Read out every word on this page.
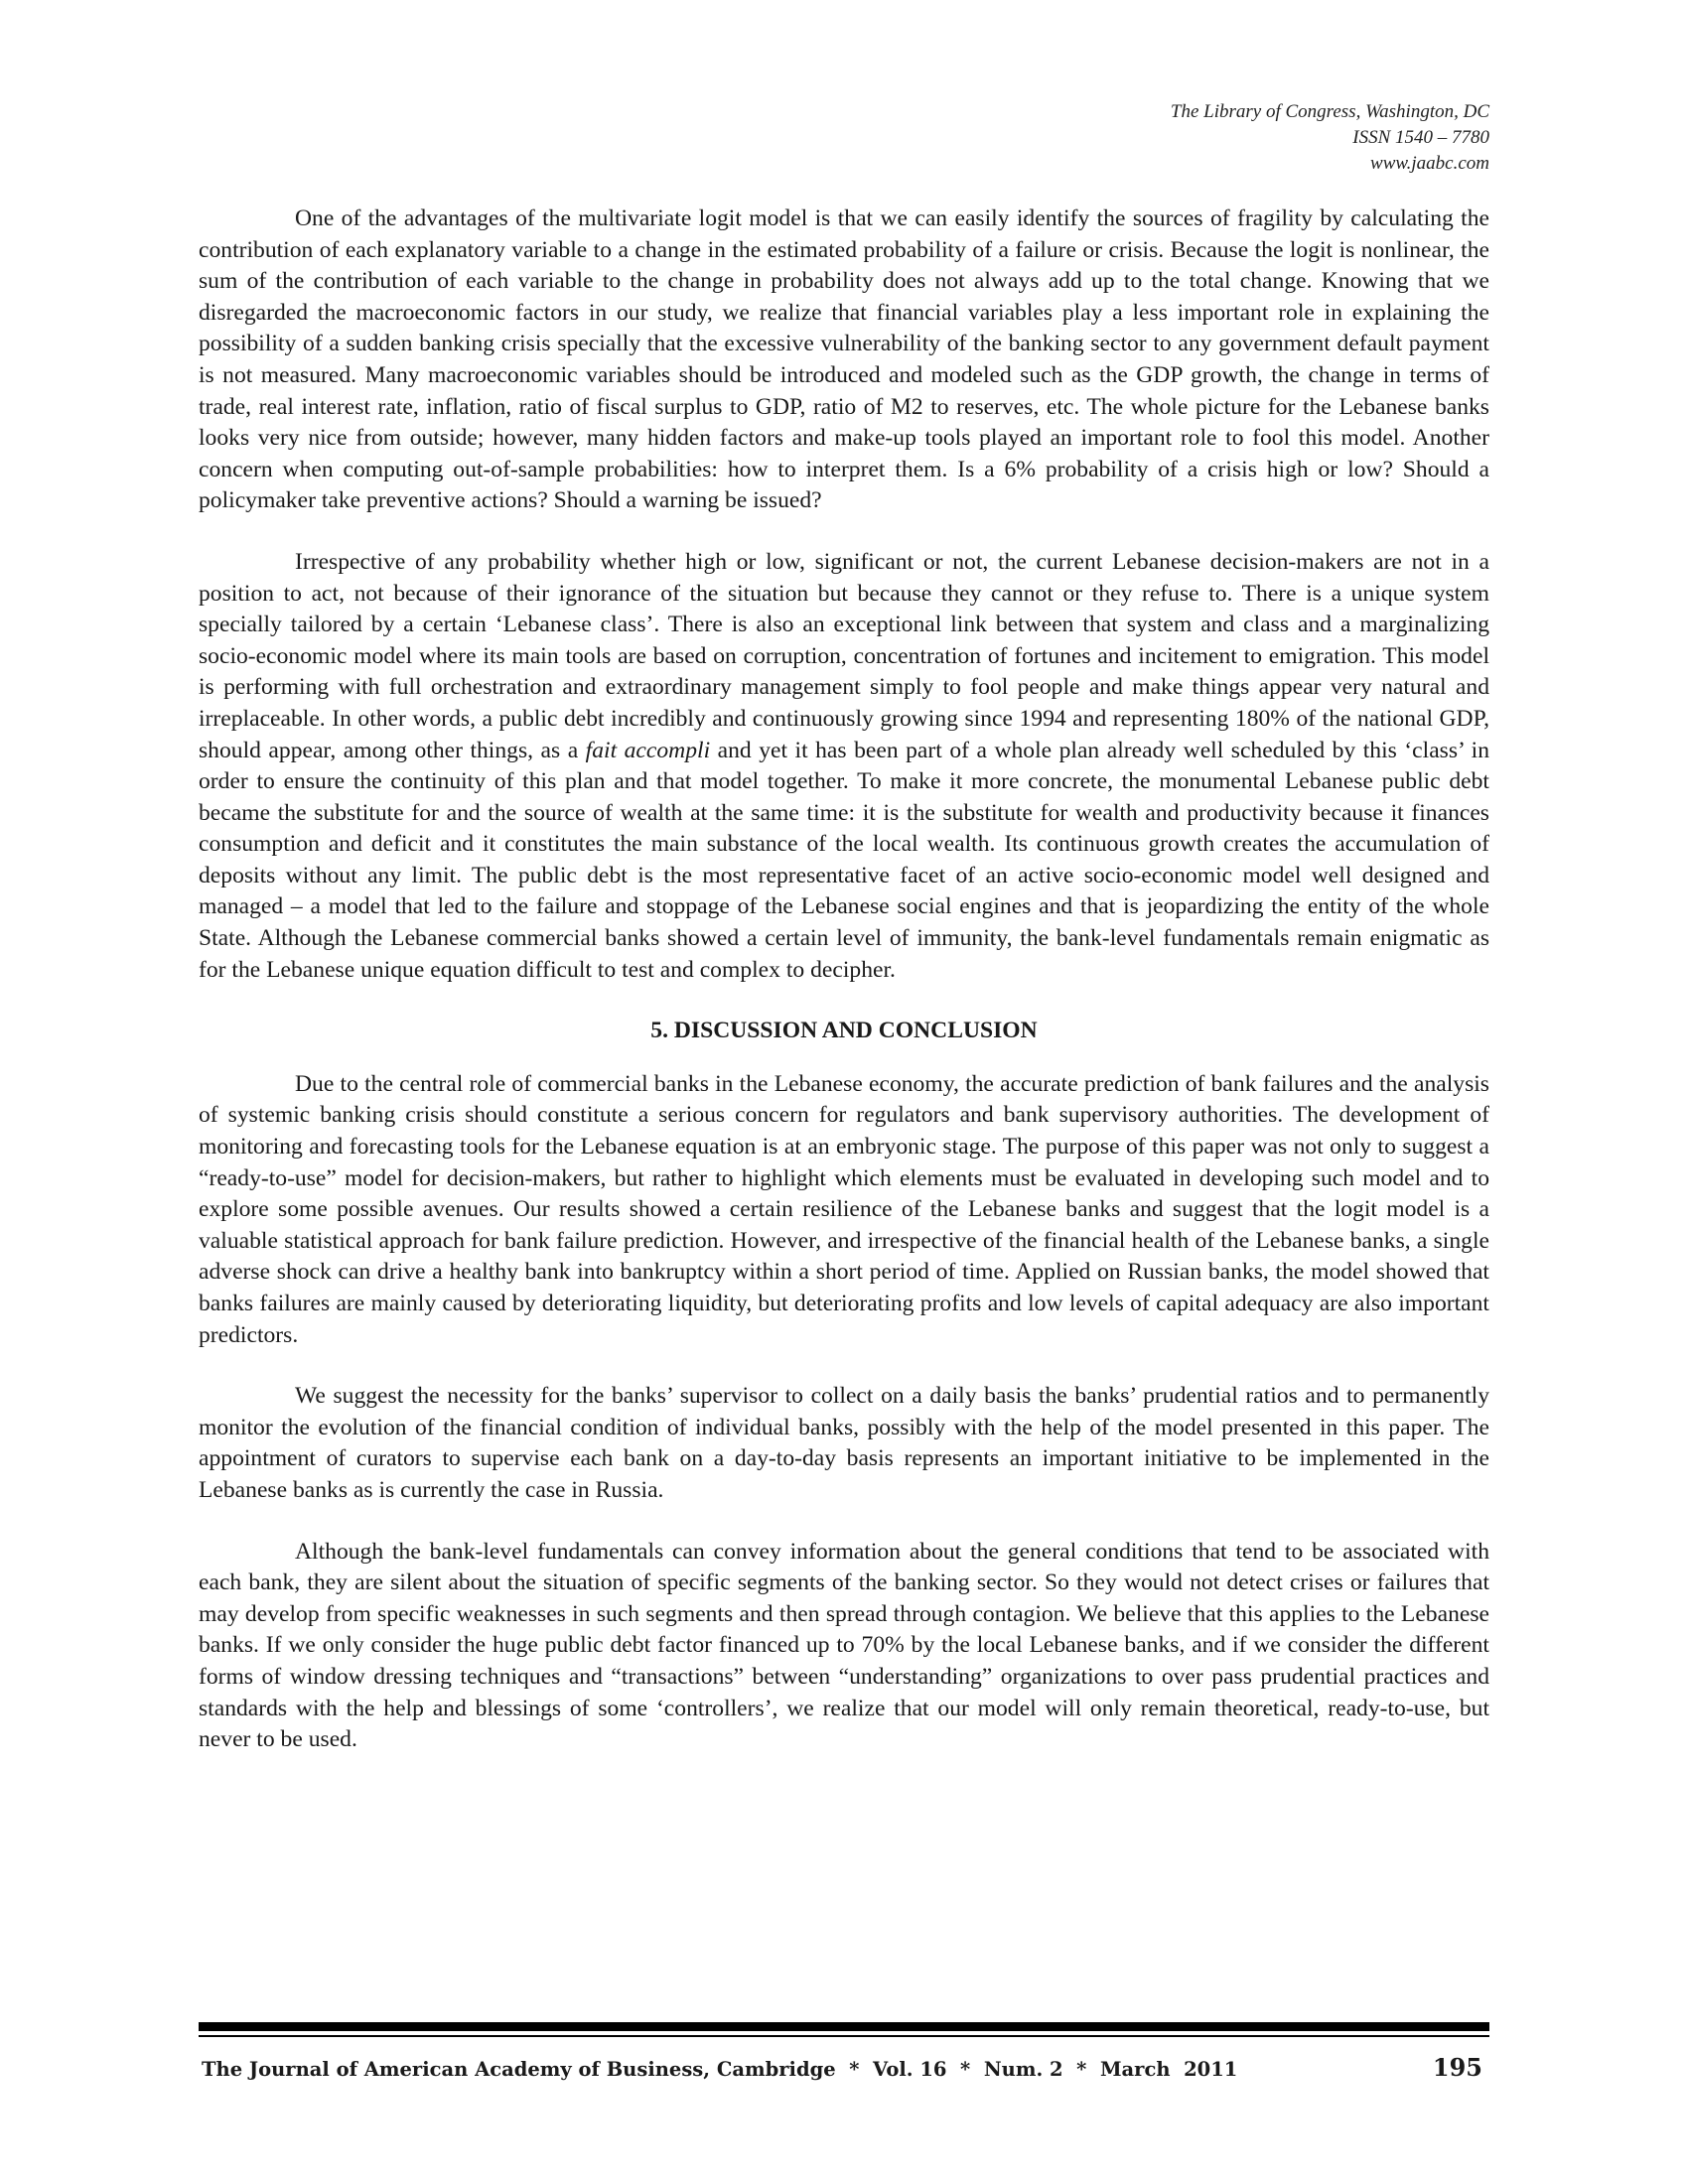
The Library of Congress, Washington, DC
ISSN 1540 – 7780
www.jaabc.com

One of the advantages of the multivariate logit model is that we can easily identify the sources of fragility by calculating the contribution of each explanatory variable to a change in the estimated probability of a failure or crisis. Because the logit is nonlinear, the sum of the contribution of each variable to the change in probability does not always add up to the total change. Knowing that we disregarded the macroeconomic factors in our study, we realize that financial variables play a less important role in explaining the possibility of a sudden banking crisis specially that the excessive vulnerability of the banking sector to any government default payment is not measured. Many macroeconomic variables should be introduced and modeled such as the GDP growth, the change in terms of trade, real interest rate, inflation, ratio of fiscal surplus to GDP, ratio of M2 to reserves, etc. The whole picture for the Lebanese banks looks very nice from outside; however, many hidden factors and make-up tools played an important role to fool this model. Another concern when computing out-of-sample probabilities: how to interpret them. Is a 6% probability of a crisis high or low? Should a policymaker take preventive actions? Should a warning be issued?

Irrespective of any probability whether high or low, significant or not, the current Lebanese decision-makers are not in a position to act, not because of their ignorance of the situation but because they cannot or they refuse to. There is a unique system specially tailored by a certain ‘Lebanese class’. There is also an exceptional link between that system and class and a marginalizing socio-economic model where its main tools are based on corruption, concentration of fortunes and incitement to emigration. This model is performing with full orchestration and extraordinary management simply to fool people and make things appear very natural and irreplaceable. In other words, a public debt incredibly and continuously growing since 1994 and representing 180% of the national GDP, should appear, among other things, as a fait accompli and yet it has been part of a whole plan already well scheduled by this ‘class’ in order to ensure the continuity of this plan and that model together. To make it more concrete, the monumental Lebanese public debt became the substitute for and the source of wealth at the same time: it is the substitute for wealth and productivity because it finances consumption and deficit and it constitutes the main substance of the local wealth. Its continuous growth creates the accumulation of deposits without any limit. The public debt is the most representative facet of an active socio-economic model well designed and managed – a model that led to the failure and stoppage of the Lebanese social engines and that is jeopardizing the entity of the whole State. Although the Lebanese commercial banks showed a certain level of immunity, the bank-level fundamentals remain enigmatic as for the Lebanese unique equation difficult to test and complex to decipher.

5. DISCUSSION AND CONCLUSION

Due to the central role of commercial banks in the Lebanese economy, the accurate prediction of bank failures and the analysis of systemic banking crisis should constitute a serious concern for regulators and bank supervisory authorities. The development of monitoring and forecasting tools for the Lebanese equation is at an embryonic stage. The purpose of this paper was not only to suggest a “ready-to-use” model for decision-makers, but rather to highlight which elements must be evaluated in developing such model and to explore some possible avenues. Our results showed a certain resilience of the Lebanese banks and suggest that the logit model is a valuable statistical approach for bank failure prediction. However, and irrespective of the financial health of the Lebanese banks, a single adverse shock can drive a healthy bank into bankruptcy within a short period of time. Applied on Russian banks, the model showed that banks failures are mainly caused by deteriorating liquidity, but deteriorating profits and low levels of capital adequacy are also important predictors.

We suggest the necessity for the banks’ supervisor to collect on a daily basis the banks’ prudential ratios and to permanently monitor the evolution of the financial condition of individual banks, possibly with the help of the model presented in this paper. The appointment of curators to supervise each bank on a day-to-day basis represents an important initiative to be implemented in the Lebanese banks as is currently the case in Russia.

Although the bank-level fundamentals can convey information about the general conditions that tend to be associated with each bank, they are silent about the situation of specific segments of the banking sector. So they would not detect crises or failures that may develop from specific weaknesses in such segments and then spread through contagion. We believe that this applies to the Lebanese banks. If we only consider the huge public debt factor financed up to 70% by the local Lebanese banks, and if we consider the different forms of window dressing techniques and “transactions” between “understanding” organizations to over pass prudential practices and standards with the help and blessings of some ‘controllers’, we realize that our model will only remain theoretical, ready-to-use, but never to be used.

The Journal of American Academy of Business, Cambridge  *  Vol. 16  *  Num. 2  *  March  2011	195
